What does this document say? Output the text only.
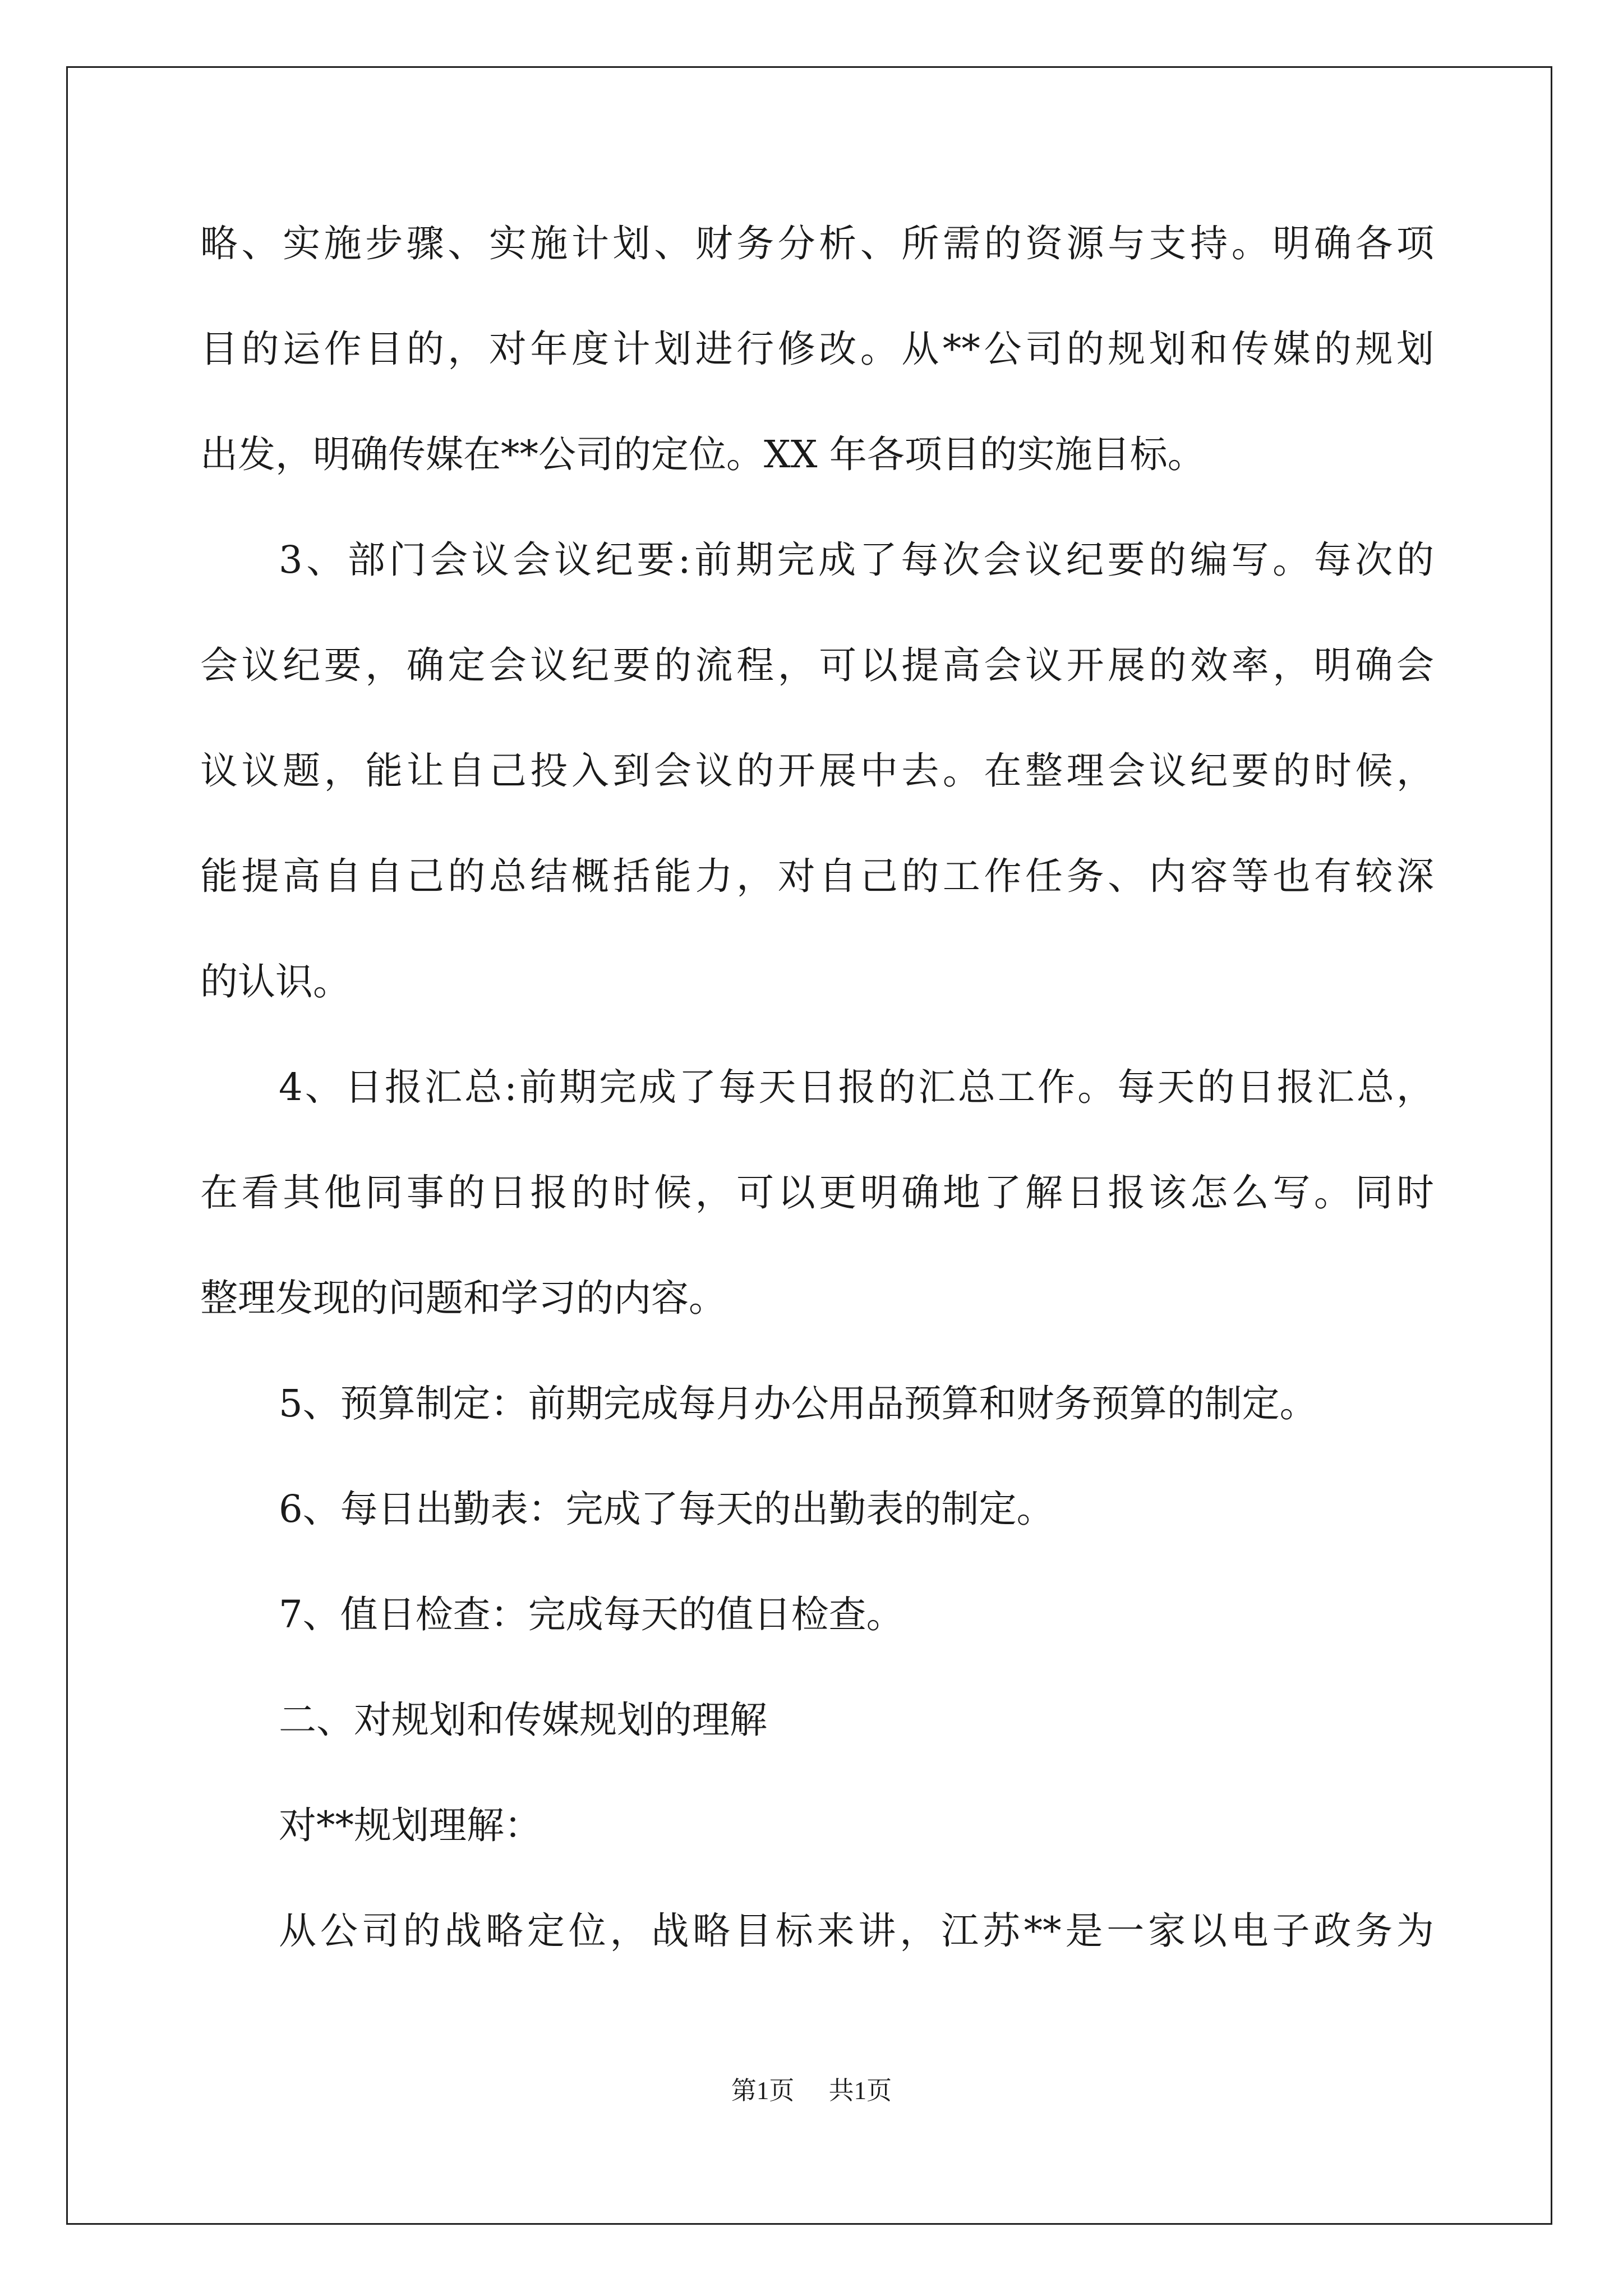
略、实施步骤、实施计划、财务分析、所需的资源与支持。明确各项
目的运作目的，对年度计划进行修改。从**公司的规划和传媒的规划
出发，明确传媒在**公司的定位。XX 年各项目的实施目标。
3、部门会议会议纪要:前期完成了每次会议纪要的编写。每次的
会议纪要，确定会议纪要的流程，可以提高会议开展的效率，明确会
议议题，能让自己投入到会议的开展中去。在整理会议纪要的时候，
能提高自自己的总结概括能力，对自己的工作任务、内容等也有较深
的认识。
4、日报汇总:前期完成了每天日报的汇总工作。每天的日报汇总，
在看其他同事的日报的时候，可以更明确地了解日报该怎么写。同时
整理发现的问题和学习的内容。
5、预算制定：前期完成每月办公用品预算和财务预算的制定。
6、每日出勤表：完成了每天的出勤表的制定。
7、值日检查：完成每天的值日检查。
二、对规划和传媒规划的理解
对**规划理解：
从公司的战略定位，战略目标来讲，江苏**是一家以电子政务为
第1页 共1页
